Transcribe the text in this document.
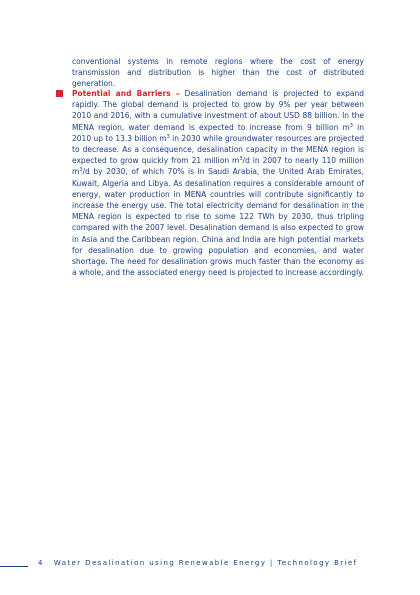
conventional systems in remote regions where the cost of energy transmission and distribution is higher than the cost of distributed generation.

Potential and Barriers – Desalination demand is projected to expand rapidly. The global demand is projected to grow by 9% per year between 2010 and 2016, with a cumulative investment of about USD 88 billion. In the MENA region, water demand is expected to increase from 9 billion $m^3$ in 2010 up to 13.3 billion $m^3$ in 2030 while groundwater resources are projected to decrease. As a consequence, desalination capacity in the MENA region is expected to grow quickly from 21 million $m^3/d$ in 2007 to nearly 110 million $m^3/d$ by 2030, of which 70% is in Saudi Arabia, the United Arab Emirates, Kuwait, Algeria and Libya. As desalination requires a considerable amount of energy, water production in MENA countries will contribute significantly to increase the energy use. The total electricity demand for desalination in the MENA region is expected to rise to some 122 TWh by 2030, thus tripling compared with the 2007 level. Desalination demand is also expected to grow in Asia and the Caribbean region. China and India are high potential markets for desalination due to growing population and economies, and water shortage. The need for desalination grows much faster than the economy as a whole, and the associated energy need is projected to increase accordingly.

4 Water Desalination using Renewable Energy | Technology Brief
